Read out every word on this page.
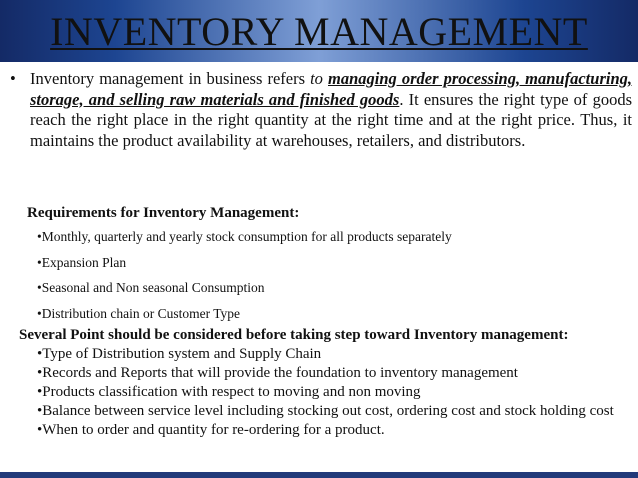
INVENTORY MANAGEMENT
• Inventory management in business refers to managing order processing, manufacturing, storage, and selling raw materials and finished goods. It ensures the right type of goods reach the right place in the right quantity at the right time and at the right price. Thus, it maintains the product availability at warehouses, retailers, and distributors.
Requirements for Inventory Management:
•Monthly, quarterly and yearly stock consumption for all products separately
•Expansion Plan
•Seasonal and Non seasonal Consumption
•Distribution chain or Customer Type
Several Point should be considered before taking step toward Inventory management:
•Type of Distribution system and Supply Chain
•Records and Reports that will provide the foundation to inventory management
•Products classification with respect to moving and non moving
•Balance between service level including stocking out cost, ordering cost and stock holding cost
•When to order and quantity for re-ordering for a product.
